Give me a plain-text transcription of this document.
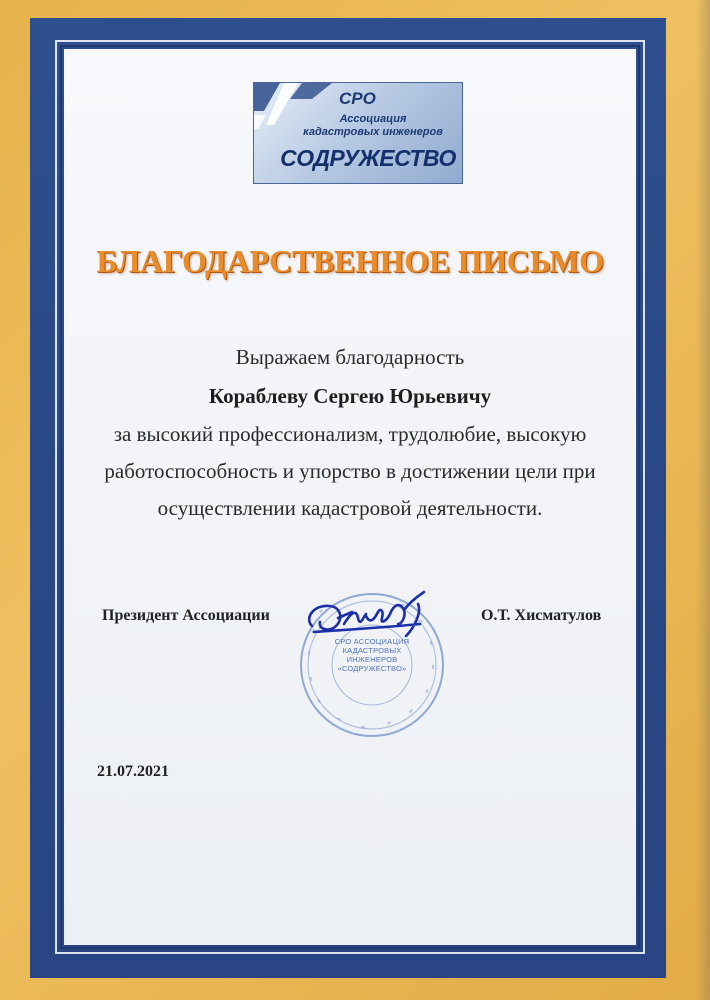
СРО
Ассоциация
кадастровых инженеров
СОДРУЖЕСТВО
БЛАГОДАРСТВЕННОЕ ПИСЬМО
Выражаем благодарность
Кораблеву Сергею Юрьевичу
за высокий профессионализм, трудолюбие, высокую
работоспособность и упорство в достижении цели при
осуществлении кадастровой деятельности.
СРО АССОЦИАЦИЯ
КАДАСТРОВЫХ
ИНЖЕНЕРОВ
«СОДРУЖЕСТВО»
Президент Ассоциации	О.Т. Хисматулов
21.07.2021
